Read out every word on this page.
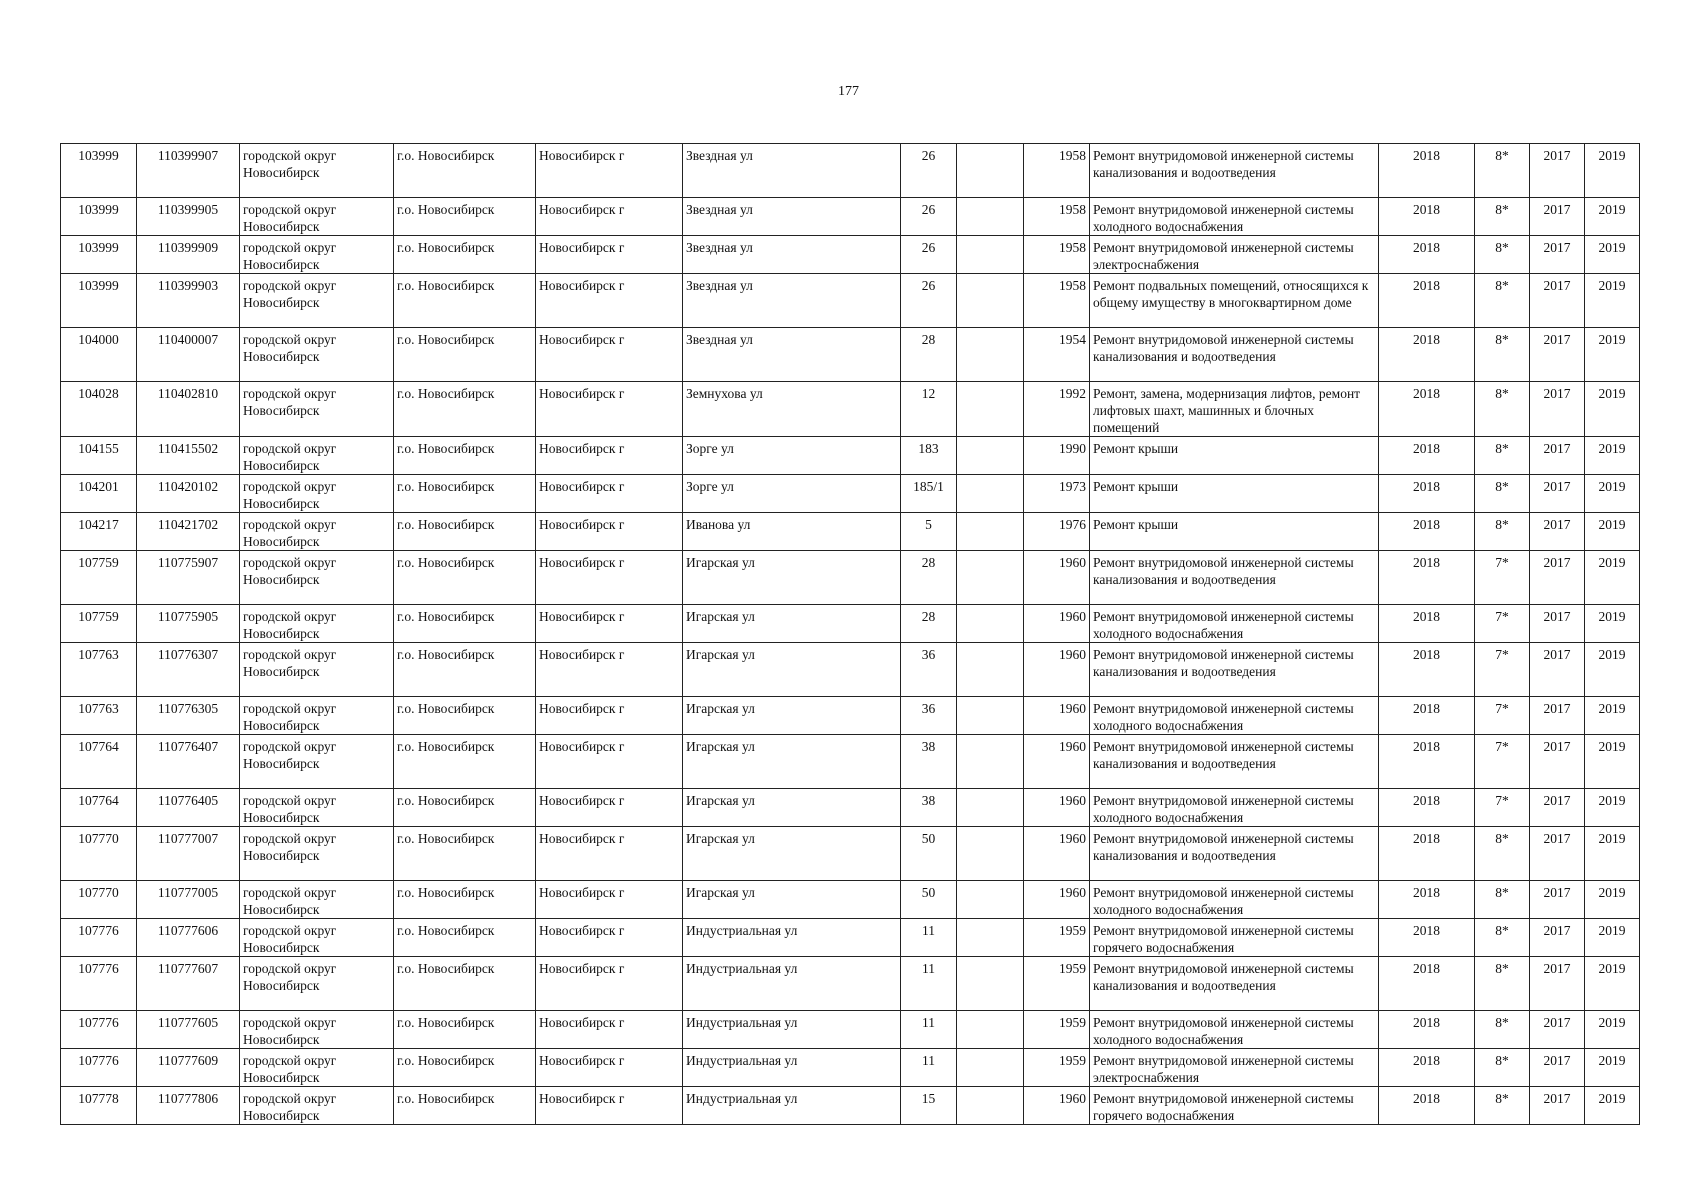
177
103999	110399907	городской округ Новосибирск	г.о. Новосибирск	Новосибирск г	Звездная ул	26		1958	Ремонт внутридомовой инженерной системы канализования и водоотведения	2018	8*	2017	2019
103999	110399905	городской округ Новосибирск	г.о. Новосибирск	Новосибирск г	Звездная ул	26		1958	Ремонт внутридомовой инженерной системы холодного водоснабжения	2018	8*	2017	2019
103999	110399909	городской округ Новосибирск	г.о. Новосибирск	Новосибирск г	Звездная ул	26		1958	Ремонт внутридомовой инженерной системы электроснабжения	2018	8*	2017	2019
103999	110399903	городской округ Новосибирск	г.о. Новосибирск	Новосибирск г	Звездная ул	26		1958	Ремонт подвальных помещений, относящихся к общему имуществу в многоквартирном доме	2018	8*	2017	2019
104000	110400007	городской округ Новосибирск	г.о. Новосибирск	Новосибирск г	Звездная ул	28		1954	Ремонт внутридомовой инженерной системы канализования и водоотведения	2018	8*	2017	2019
104028	110402810	городской округ Новосибирск	г.о. Новосибирск	Новосибирск г	Земнухова ул	12		1992	Ремонт, замена, модернизация лифтов, ремонт лифтовых шахт, машинных и блочных помещений	2018	8*	2017	2019
104155	110415502	городской округ Новосибирск	г.о. Новосибирск	Новосибирск г	Зорге ул	183		1990	Ремонт крыши	2018	8*	2017	2019
104201	110420102	городской округ Новосибирск	г.о. Новосибирск	Новосибирск г	Зорге ул	185/1		1973	Ремонт крыши	2018	8*	2017	2019
104217	110421702	городской округ Новосибирск	г.о. Новосибирск	Новосибирск г	Иванова ул	5		1976	Ремонт крыши	2018	8*	2017	2019
107759	110775907	городской округ Новосибирск	г.о. Новосибирск	Новосибирск г	Игарская ул	28		1960	Ремонт внутридомовой инженерной системы канализования и водоотведения	2018	7*	2017	2019
107759	110775905	городской округ Новосибирск	г.о. Новосибирск	Новосибирск г	Игарская ул	28		1960	Ремонт внутридомовой инженерной системы холодного водоснабжения	2018	7*	2017	2019
107763	110776307	городской округ Новосибирск	г.о. Новосибирск	Новосибирск г	Игарская ул	36		1960	Ремонт внутридомовой инженерной системы канализования и водоотведения	2018	7*	2017	2019
107763	110776305	городской округ Новосибирск	г.о. Новосибирск	Новосибирск г	Игарская ул	36		1960	Ремонт внутридомовой инженерной системы холодного водоснабжения	2018	7*	2017	2019
107764	110776407	городской округ Новосибирск	г.о. Новосибирск	Новосибирск г	Игарская ул	38		1960	Ремонт внутридомовой инженерной системы канализования и водоотведения	2018	7*	2017	2019
107764	110776405	городской округ Новосибирск	г.о. Новосибирск	Новосибирск г	Игарская ул	38		1960	Ремонт внутридомовой инженерной системы холодного водоснабжения	2018	7*	2017	2019
107770	110777007	городской округ Новосибирск	г.о. Новосибирск	Новосибирск г	Игарская ул	50		1960	Ремонт внутридомовой инженерной системы канализования и водоотведения	2018	8*	2017	2019
107770	110777005	городской округ Новосибирск	г.о. Новосибирск	Новосибирск г	Игарская ул	50		1960	Ремонт внутридомовой инженерной системы холодного водоснабжения	2018	8*	2017	2019
107776	110777606	городской округ Новосибирск	г.о. Новосибирск	Новосибирск г	Индустриальная ул	11		1959	Ремонт внутридомовой инженерной системы горячего водоснабжения	2018	8*	2017	2019
107776	110777607	городской округ Новосибирск	г.о. Новосибирск	Новосибирск г	Индустриальная ул	11		1959	Ремонт внутридомовой инженерной системы канализования и водоотведения	2018	8*	2017	2019
107776	110777605	городской округ Новосибирск	г.о. Новосибирск	Новосибирск г	Индустриальная ул	11		1959	Ремонт внутридомовой инженерной системы холодного водоснабжения	2018	8*	2017	2019
107776	110777609	городской округ Новосибирск	г.о. Новосибирск	Новосибирск г	Индустриальная ул	11		1959	Ремонт внутридомовой инженерной системы электроснабжения	2018	8*	2017	2019
107778	110777806	городской округ Новосибирск	г.о. Новосибирск	Новосибирск г	Индустриальная ул	15		1960	Ремонт внутридомовой инженерной системы горячего водоснабжения	2018	8*	2017	2019
